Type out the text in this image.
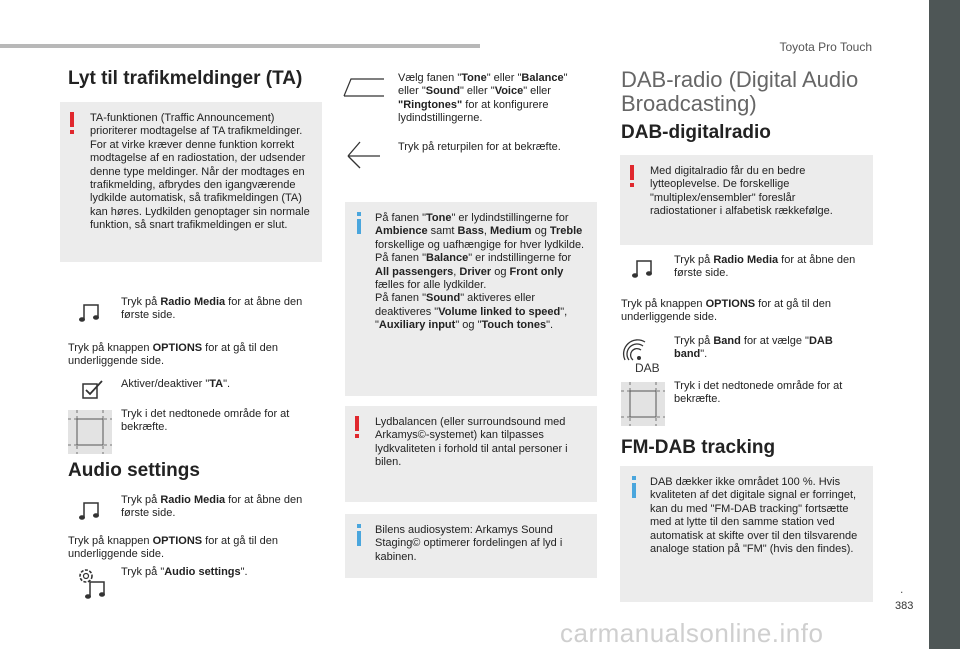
Toyota Pro Touch
.
383
carmanualsonline.info
Lyt til trafikmeldinger (TA)
TA-funktionen (Traffic Announcement) prioriterer modtagelse af TA trafikmeldinger. For at virke kræver denne funktion korrekt modtagelse af en radiostation, der udsender denne type meldinger. Når der modtages en trafikmelding, afbrydes den igangværende lydkilde automatisk, så trafikmeldingen (TA) kan høres. Lydkilden genoptager sin normale funktion, så snart trafikmeldingen er slut.
Tryk på Radio Media for at åbne den første side.
Tryk på knappen OPTIONS for at gå til den underliggende side.
Aktiver/deaktiver "TA".
Tryk i det nedtonede område for at bekræfte.
Audio settings
Tryk på Radio Media for at åbne den første side.
Tryk på knappen OPTIONS for at gå til den underliggende side.
Tryk på "Audio settings".
Vælg fanen "Tone" eller "Balance" eller "Sound" eller "Voice" eller "Ringtones" for at konfigurere lydindstillingerne.
Tryk på returpilen for at bekræfte.
På fanen "Tone" er lydindstillingerne for Ambience samt Bass, Medium og Treble forskellige og uafhængige for hver lydkilde.
På fanen "Balance" er indstillingerne for All passengers, Driver og Front only fælles for alle lydkilder.
På fanen "Sound" aktiveres eller deaktiveres "Volume linked to speed", "Auxiliary input" og "Touch tones".
Lydbalancen (eller surroundsound med Arkamys©-systemet) kan tilpasses lydkvaliteten i forhold til antal personer i bilen.
Bilens audiosystem: Arkamys Sound Staging© optimerer fordelingen af lyd i kabinen.
DAB-radio (Digital Audio Broadcasting)
DAB-digitalradio
Med digitalradio får du en bedre lytteoplevelse. De forskellige "multiplex/ensembler" foreslår radiostationer i alfabetisk rækkefølge.
Tryk på Radio Media for at åbne den første side.
Tryk på knappen OPTIONS for at gå til den underliggende side.
DAB
Tryk på Band for at vælge "DAB band".
Tryk i det nedtonede område for at bekræfte.
FM-DAB tracking
DAB dækker ikke området 100 %. Hvis kvaliteten af det digitale signal er forringet, kan du med "FM-DAB tracking" fortsætte med at lytte til den samme station ved automatisk at skifte over til den tilsvarende analoge station på "FM" (hvis den findes).
